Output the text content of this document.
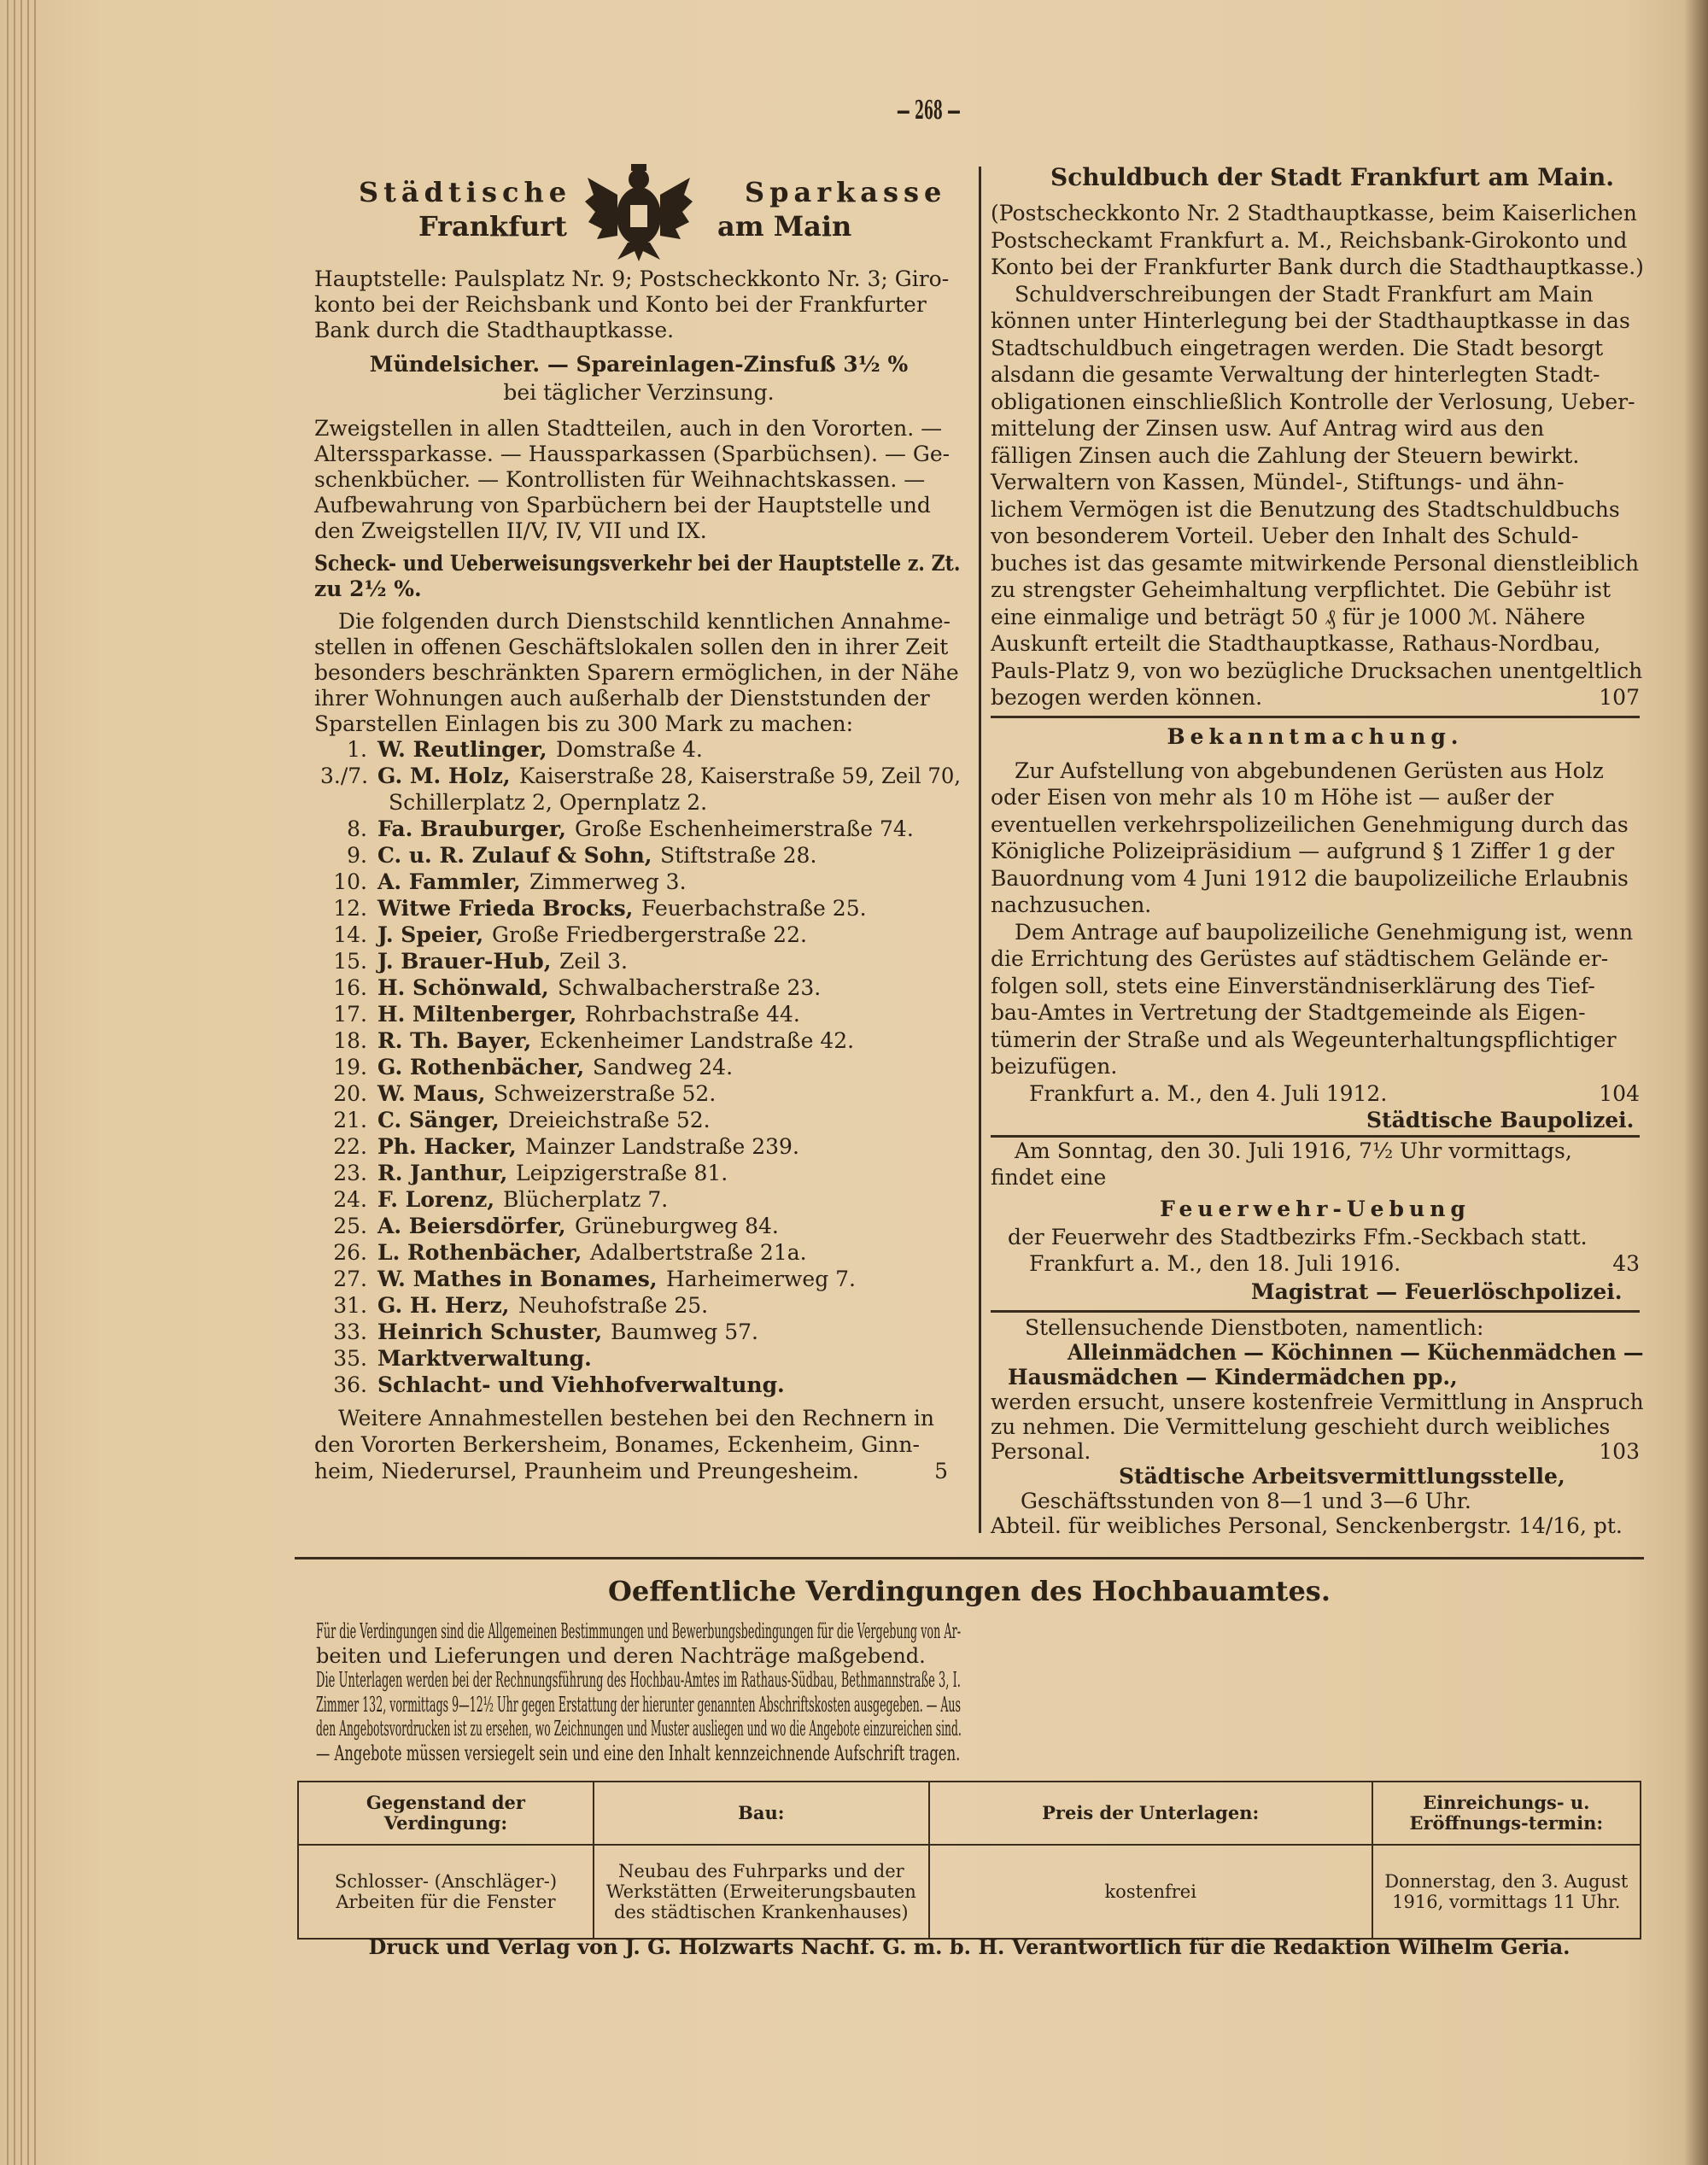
— 268 —
Städtische	Sparkasse
Frankfurt	am Main
Oeffentliche Verdingungen des Hochbauamtes.
Gegenstand der Verdingung:	Bau:	Preis der Unterlagen:	Einreichungs- u. Eröffnungs-termin:
Schlosser- (Anschläger-) Arbeiten für die Fenster	Neubau des Fuhrparks und der Werkstätten (Erweiterungsbauten des städtischen Krankenhauses)	kostenfrei	Donnerstag, den 3. August 1916, vormittags 11 Uhr.
Druck und Verlag von J. G. Holzwarts Nachf. G. m. b. H. Verantwortlich für die Redaktion Wilhelm Geria.
Hauptstelle: Paulsplatz Nr. 9; Postscheckkonto Nr. 3; Giro-
konto bei der Reichsbank und Konto bei der Frankfurter
Bank durch die Stadthauptkasse.
Mündelsicher. — Spareinlagen-Zinsfuß 3½ %
bei täglicher Verzinsung.
Zweigstellen in allen Stadtteilen, auch in den Vororten. —
Alterssparkasse. — Haussparkassen (Sparbüchsen). — Ge-
schenkbücher. — Kontrollisten für Weihnachtskassen. —
Aufbewahrung von Sparbüchern bei der Hauptstelle und
den Zweigstellen II/V, IV, VII und IX.
Scheck- und Ueberweisungsverkehr bei der Hauptstelle z. Zt.
zu 2½ %.
Die folgenden durch Dienstschild kenntlichen Annahme-
stellen in offenen Geschäftslokalen sollen den in ihrer Zeit
besonders beschränkten Sparern ermöglichen, in der Nähe
ihrer Wohnungen auch außerhalb der Dienststunden der
Sparstellen Einlagen bis zu 300 Mark zu machen:
1. W. Reutlinger, Domstraße 4.
3./7. G. M. Holz, Kaiserstraße 28, Kaiserstraße 59, Zeil 70,
Schillerplatz 2, Opernplatz 2.
8. Fa. Brauburger, Große Eschenheimerstraße 74.
9. C. u. R. Zulauf & Sohn, Stiftstraße 28.
10. A. Fammler, Zimmerweg 3.
12. Witwe Frieda Brocks, Feuerbachstraße 25.
14. J. Speier, Große Friedbergerstraße 22.
15. J. Brauer-Hub, Zeil 3.
16. H. Schönwald, Schwalbacherstraße 23.
17. H. Miltenberger, Rohrbachstraße 44.
18. R. Th. Bayer, Eckenheimer Landstraße 42.
19. G. Rothenbächer, Sandweg 24.
20. W. Maus, Schweizerstraße 52.
21. C. Sänger, Dreieichstraße 52.
22. Ph. Hacker, Mainzer Landstraße 239.
23. R. Janthur, Leipzigerstraße 81.
24. F. Lorenz, Blücherplatz 7.
25. A. Beiersdörfer, Grüneburgweg 84.
26. L. Rothenbächer, Adalbertstraße 21a.
27. W. Mathes in Bonames, Harheimerweg 7.
31. G. H. Herz, Neuhofstraße 25.
33. Heinrich Schuster, Baumweg 57.
35. Marktverwaltung.
36. Schlacht- und Viehhofverwaltung.
Weitere Annahmestellen bestehen bei den Rechnern in
den Vororten Berkersheim, Bonames, Eckenheim, Ginn-
heim, Niederursel, Praunheim und Preungesheim.	5
Schuldbuch der Stadt Frankfurt am Main.
(Postscheckkonto Nr. 2 Stadthauptkasse, beim Kaiserlichen
Postscheckamt Frankfurt a. M., Reichsbank-Girokonto und
Konto bei der Frankfurter Bank durch die Stadthauptkasse.)
Schuldverschreibungen der Stadt Frankfurt am Main
können unter Hinterlegung bei der Stadthauptkasse in das
Stadtschuldbuch eingetragen werden. Die Stadt besorgt
alsdann die gesamte Verwaltung der hinterlegten Stadt-
obligationen einschließlich Kontrolle der Verlosung, Ueber-
mittelung der Zinsen usw. Auf Antrag wird aus den
fälligen Zinsen auch die Zahlung der Steuern bewirkt.
Verwaltern von Kassen, Mündel-, Stiftungs- und ähn-
lichem Vermögen ist die Benutzung des Stadtschuldbuchs
von besonderem Vorteil. Ueber den Inhalt des Schuld-
buches ist das gesamte mitwirkende Personal dienstleiblich
zu strengster Geheimhaltung verpflichtet. Die Gebühr ist
eine einmalige und beträgt 50 ₰ für je 1000 ℳ. Nähere
Auskunft erteilt die Stadthauptkasse, Rathaus-Nordbau,
Pauls-Platz 9, von wo bezügliche Drucksachen unentgeltlich
bezogen werden können.	107
Bekanntmachung.
Zur Aufstellung von abgebundenen Gerüsten aus Holz
oder Eisen von mehr als 10 m Höhe ist — außer der
eventuellen verkehrspolizeilichen Genehmigung durch das
Königliche Polizeipräsidium — aufgrund § 1 Ziffer 1 g der
Bauordnung vom 4 Juni 1912 die baupolizeiliche Erlaubnis
nachzusuchen.
Dem Antrage auf baupolizeiliche Genehmigung ist, wenn
die Errichtung des Gerüstes auf städtischem Gelände er-
folgen soll, stets eine Einverständniserklärung des Tief-
bau-Amtes in Vertretung der Stadtgemeinde als Eigen-
tümerin der Straße und als Wegeunterhaltungspflichtiger
beizufügen.
Frankfurt a. M., den 4. Juli 1912.	104
Städtische Baupolizei.
Am Sonntag, den 30. Juli 1916, 7½ Uhr vormittags,
findet eine
Feuerwehr-Uebung
der Feuerwehr des Stadtbezirks Ffm.-Seckbach statt.
Frankfurt a. M., den 18. Juli 1916.	43
Magistrat — Feuerlöschpolizei.
Stellensuchende Dienstboten, namentlich:
Alleinmädchen — Köchinnen — Küchenmädchen —
Hausmädchen — Kindermädchen pp.,
werden ersucht, unsere kostenfreie Vermittlung in Anspruch
zu nehmen. Die Vermittelung geschieht durch weibliches
Personal.	103
Städtische Arbeitsvermittlungsstelle,
Geschäftsstunden von 8—1 und 3—6 Uhr.
Abteil. für weibliches Personal, Senckenbergstr. 14/16, pt.
Für die Verdingungen sind die Allgemeinen Bestimmungen und Bewerbungsbedingungen für die Vergebung von Ar-
beiten und Lieferungen und deren Nachträge maßgebend.
Die Unterlagen werden bei der Rechnungsführung des Hochbau-Amtes im Rathaus-Südbau, Bethmannstraße 3, I.
Zimmer 132, vormittags 9—12½ Uhr gegen Erstattung der hierunter genannten Abschriftskosten ausgegeben. — Aus
den Angebotsvordrucken ist zu ersehen, wo Zeichnungen und Muster ausliegen und wo die Angebote einzureichen sind.
— Angebote müssen versiegelt sein und eine den Inhalt kennzeichnende Aufschrift tragen.
